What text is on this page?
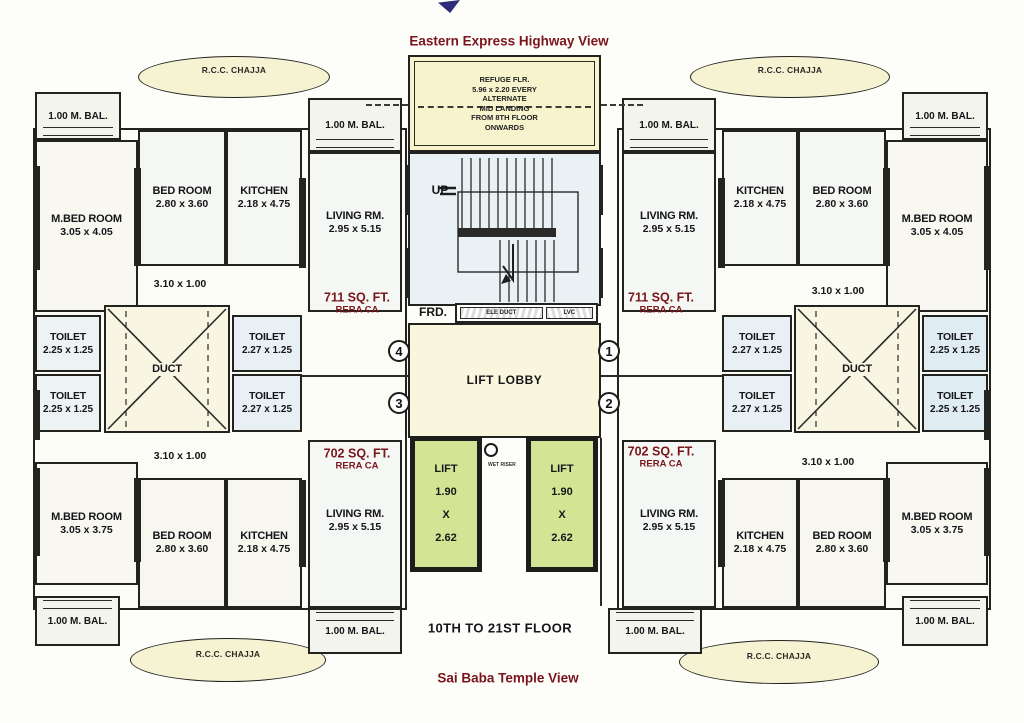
Eastern Express Highway View
Sai Baba Temple View
10TH TO 21ST FLOOR
R.C.C. CHAJJA	R.C.C. CHAJJA
R.C.C. CHAJJA	R.C.C. CHAJJA
1.00 M. BAL.
M.BED ROOM
3.05 x 4.05
BED ROOM
2.80 x 3.60
KITCHEN
2.18 x 4.75
3.10 x 1.00
1.00 M. BAL.
LIVING RM.
2.95 x 5.15
711 SQ. FT.
RERA CA
TOILET
2.25 x 1.25
TOILET
2.25 x 1.25
DUCT
TOILET
2.27 x 1.25
TOILET
2.27 x 1.25
3.10 x 1.00
LIVING RM.
2.95 x 5.15
702 SQ. FT.
RERA CA
M.BED ROOM
3.05 x 3.75
BED ROOM
2.80 x 3.60
KITCHEN
2.18 x 4.75
1.00 M. BAL.
1.00 M. BAL.
1.00 M. BAL.
M.BED ROOM
3.05 x 4.05
BED ROOM
2.80 x 3.60
KITCHEN
2.18 x 4.75
3.10 x 1.00
1.00 M. BAL.
LIVING RM.
2.95 x 5.15
711 SQ. FT.
RERA CA
TOILET
2.27 x 1.25
TOILET
2.27 x 1.25
DUCT
TOILET
2.25 x 1.25
TOILET
2.25 x 1.25
3.10 x 1.00
LIVING RM.
2.95 x 5.15
702 SQ. FT.
RERA CA
M.BED ROOM
3.05 x 3.75
BED ROOM
2.80 x 3.60
KITCHEN
2.18 x 4.75
1.00 M. BAL.
1.00 M. BAL.
REFUGE FLR.
5.96 x 2.20 EVERY
ALTERNATE
MID LANDING
FROM 8TH FLOOR
ONWARDS
UP
FRD.	ELE DUCT	LVC
LIFT LOBBY
4	1
3	2
LIFT
1.90
X
2.62
LIFT
1.90
X
2.62
WET RISER
